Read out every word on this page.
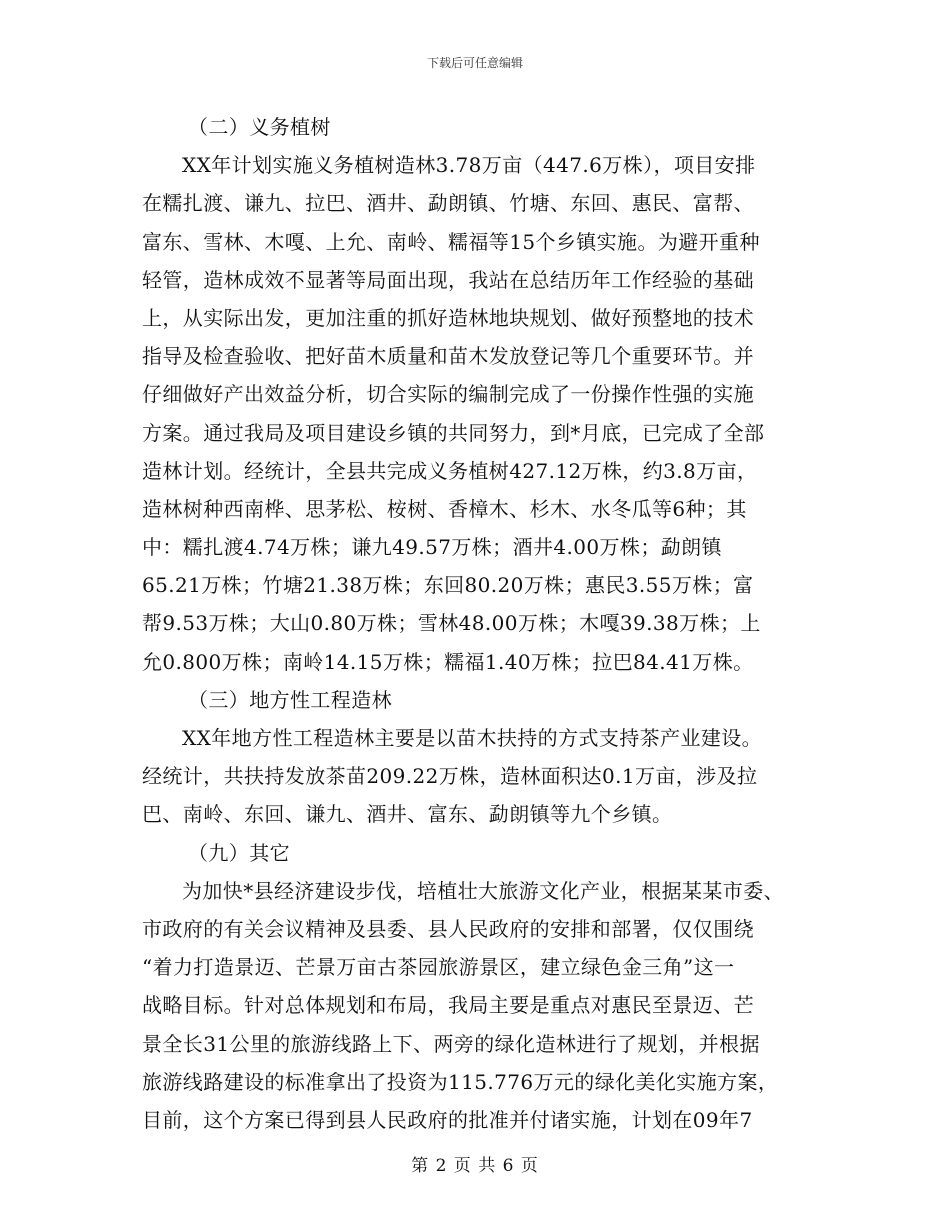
下载后可任意编辑
（二）义务植树
XX年计划实施义务植树造林3.78万亩（447.6万株），项目安排
在糯扎渡、谦九、拉巴、酒井、勐朗镇、竹塘、东回、惠民、富帮、
富东、雪林、木嘎、上允、南岭、糯福等15个乡镇实施。为避开重种
轻管，造林成效不显著等局面出现，我站在总结历年工作经验的基础
上，从实际出发，更加注重的抓好造林地块规划、做好预整地的技术
指导及检查验收、把好苗木质量和苗木发放登记等几个重要环节。并
仔细做好产出效益分析，切合实际的编制完成了一份操作性强的实施
方案。通过我局及项目建设乡镇的共同努力，到*月底，已完成了全部
造林计划。经统计，全县共完成义务植树427.12万株，约3.8万亩，
造林树种西南桦、思茅松、桉树、香樟木、杉木、水冬瓜等6种；其
中：糯扎渡4.74万株；谦九49.57万株；酒井4.00万株；勐朗镇
65.21万株；竹塘21.38万株；东回80.20万株；惠民3.55万株；富
帮9.53万株；大山0.80万株；雪林48.00万株；木嘎39.38万株；上
允0.800万株；南岭14.15万株；糯福1.40万株；拉巴84.41万株。
（三）地方性工程造林
XX年地方性工程造林主要是以苗木扶持的方式支持茶产业建设。
经统计，共扶持发放茶苗209.22万株，造林面积达0.1万亩，涉及拉
巴、南岭、东回、谦九、酒井、富东、勐朗镇等九个乡镇。
（九）其它
为加快*县经济建设步伐，培植壮大旅游文化产业，根据某某市委、
市政府的有关会议精神及县委、县人民政府的安排和部署，仅仅围绕
“着力打造景迈、芒景万亩古茶园旅游景区，建立绿色金三角”这一
战略目标。针对总体规划和布局，我局主要是重点对惠民至景迈、芒
景全长31公里的旅游线路上下、两旁的绿化造林进行了规划，并根据
旅游线路建设的标准拿出了投资为115.776万元的绿化美化实施方案，
目前，这个方案已得到县人民政府的批准并付诸实施，计划在09年7
第 2 页 共 6 页
